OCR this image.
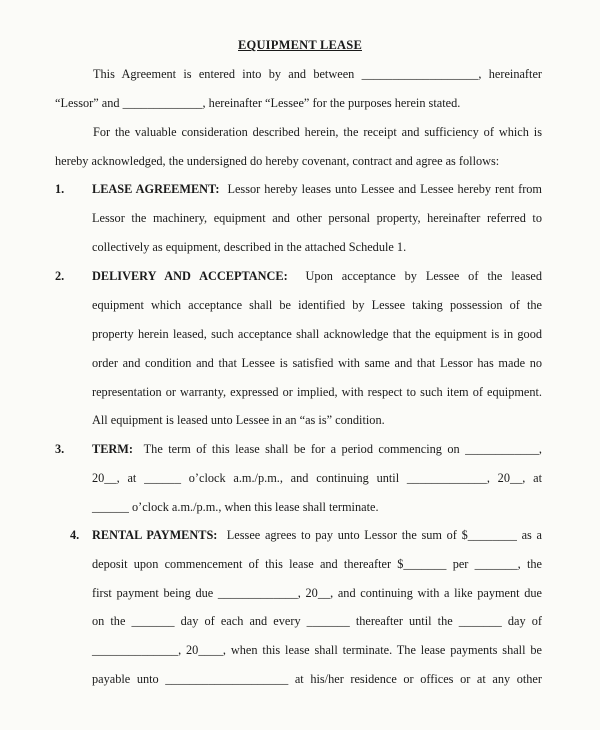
EQUIPMENT LEASE
This Agreement is entered into by and between ___________________, hereinafter
“Lessor” and _____________, hereinafter “Lessee” for the purposes herein stated.
For the valuable consideration described herein, the receipt and sufficiency of which is
hereby acknowledged, the undersigned do hereby covenant, contract and agree as follows:
1. LEASE AGREEMENT: Lessor hereby leases unto Lessee and Lessee hereby rent from
Lessor the machinery, equipment and other personal property, hereinafter referred to
collectively as equipment, described in the attached Schedule 1.
2. DELIVERY AND ACCEPTANCE: Upon acceptance by Lessee of the leased
equipment which acceptance shall be identified by Lessee taking possession of the
property herein leased, such acceptance shall acknowledge that the equipment is in good
order and condition and that Lessee is satisfied with same and that Lessor has made no
representation or warranty, expressed or implied, with respect to such item of equipment.
All equipment is leased unto Lessee in an “as is” condition.
3. TERM: The term of this lease shall be for a period commencing on ____________,
20__, at ______ o’clock a.m./p.m., and continuing until _____________, 20__, at
______ o’clock a.m./p.m., when this lease shall terminate.
4. RENTAL PAYMENTS: Lessee agrees to pay unto Lessor the sum of $________ as a
deposit upon commencement of this lease and thereafter $_______ per _______, the
first payment being due _____________, 20__, and continuing with a like payment due
on the _______ day of each and every _______ thereafter until the _______ day of
______________, 20____, when this lease shall terminate. The lease payments shall be
payable unto ____________________ at his/her residence or offices or at any other
